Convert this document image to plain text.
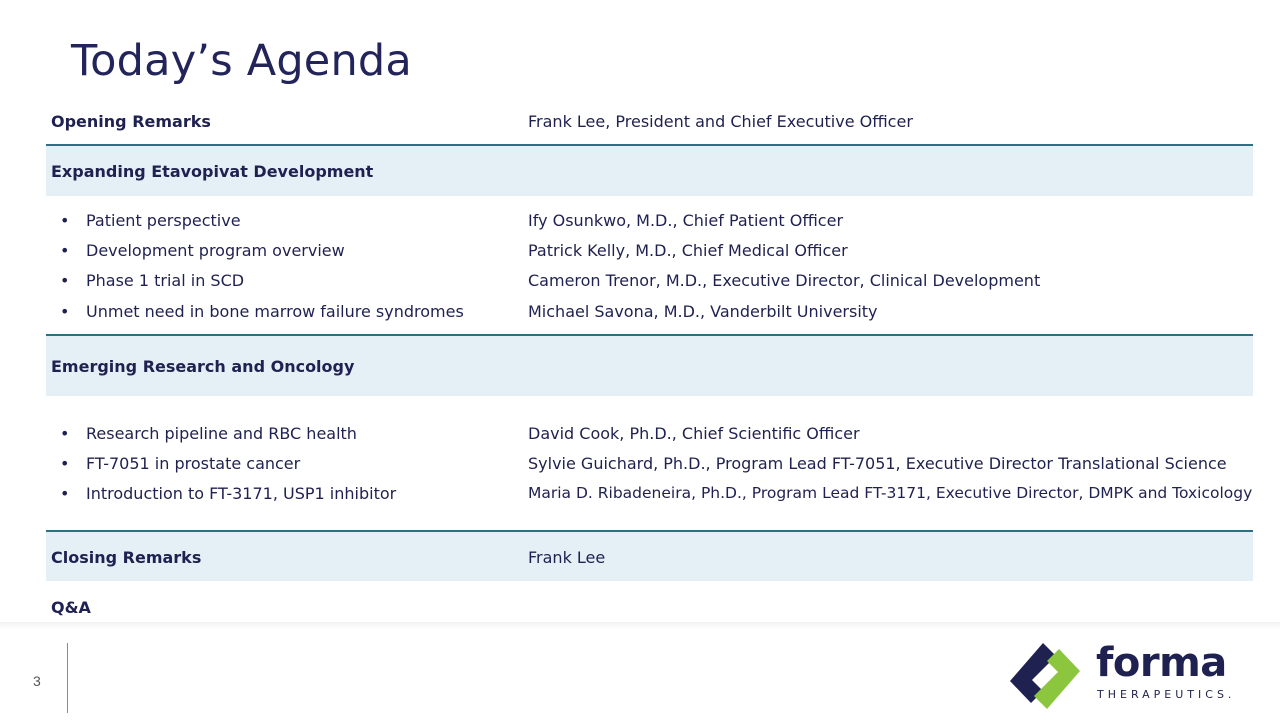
Today’s Agenda
Opening Remarks	Frank Lee, President and Chief Executive Officer
Expanding Etavopivat Development
• Patient perspective	Ify Osunkwo, M.D., Chief Patient Officer
• Development program overview	Patrick Kelly, M.D., Chief Medical Officer
• Phase 1 trial in SCD	Cameron Trenor, M.D., Executive Director, Clinical Development
• Unmet need in bone marrow failure syndromes	Michael Savona, M.D., Vanderbilt University
Emerging Research and Oncology
• Research pipeline and RBC health	David Cook, Ph.D., Chief Scientific Officer
• FT-7051 in prostate cancer	Sylvie Guichard, Ph.D., Program Lead FT-7051, Executive Director Translational Science
• Introduction to FT-3171, USP1 inhibitor	Maria D. Ribadeneira, Ph.D., Program Lead FT-3171, Executive Director, DMPK and Toxicology
Closing Remarks	Frank Lee
Q&A
3	forma
THERAPEUTICS.
